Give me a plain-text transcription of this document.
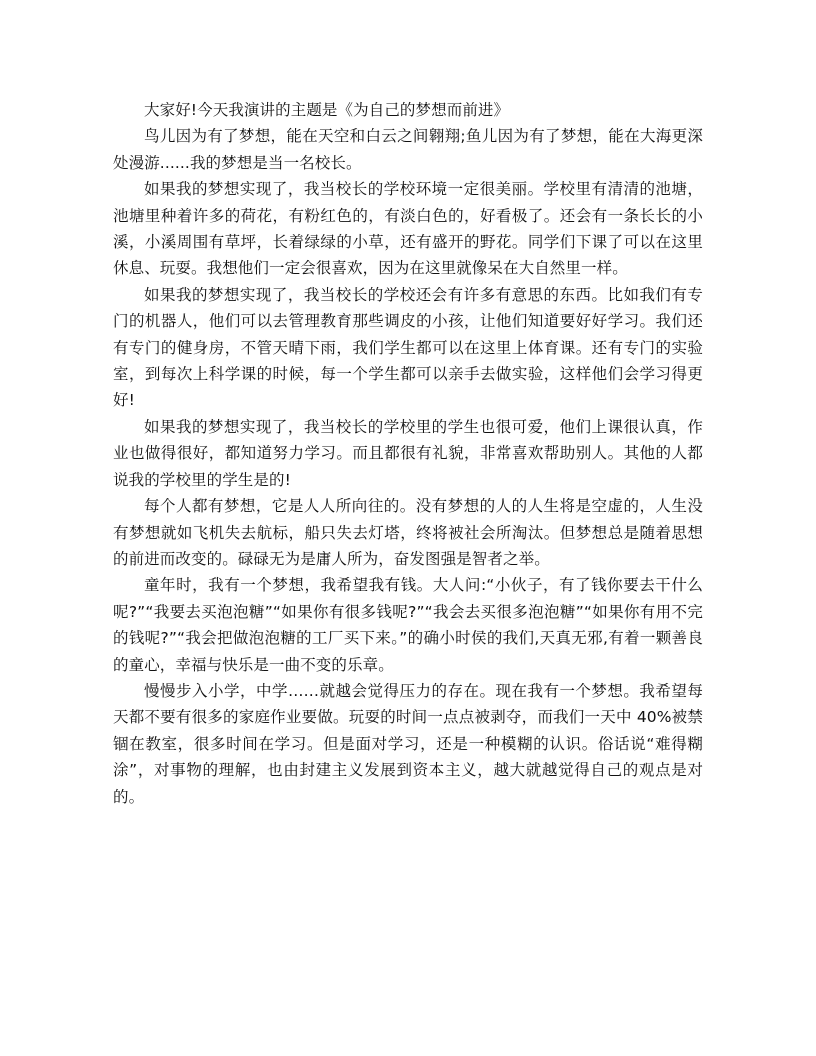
大家好!今天我演讲的主题是《为自己的梦想而前进》

鸟儿因为有了梦想，能在天空和白云之间翱翔;鱼儿因为有了梦想，能在大海更深处漫游......我的梦想是当一名校长。

如果我的梦想实现了，我当校长的学校环境一定很美丽。学校里有清清的池塘，池塘里种着许多的荷花，有粉红色的，有淡白色的，好看极了。还会有一条长长的小溪，小溪周围有草坪，长着绿绿的小草，还有盛开的野花。同学们下课了可以在这里休息、玩耍。我想他们一定会很喜欢，因为在这里就像呆在大自然里一样。

如果我的梦想实现了，我当校长的学校还会有许多有意思的东西。比如我们有专门的机器人，他们可以去管理教育那些调皮的小孩，让他们知道要好好学习。我们还有专门的健身房，不管天晴下雨，我们学生都可以在这里上体育课。还有专门的实验室，到每次上科学课的时候，每一个学生都可以亲手去做实验，这样他们会学习得更好!

如果我的梦想实现了，我当校长的学校里的学生也很可爱，他们上课很认真，作业也做得很好，都知道努力学习。而且都很有礼貌，非常喜欢帮助别人。其他的人都说我的学校里的学生是的!

每个人都有梦想，它是人人所向往的。没有梦想的人的人生将是空虚的，人生没有梦想就如飞机失去航标，船只失去灯塔，终将被社会所淘汰。但梦想总是随着思想的前进而改变的。碌碌无为是庸人所为，奋发图强是智者之举。

童年时，我有一个梦想，我希望我有钱。大人问:“小伙子，有了钱你要去干什么呢?”“我要去买泡泡糖”“如果你有很多钱呢?”“我会去买很多泡泡糖”“如果你有用不完的钱呢?”“我会把做泡泡糖的工厂买下来。”的确小时侯的我们,天真无邪,有着一颗善良的童心，幸福与快乐是一曲不变的乐章。

慢慢步入小学，中学……就越会觉得压力的存在。现在我有一个梦想。我希望每天都不要有很多的家庭作业要做。玩耍的时间一点点被剥夺，而我们一天中 40%被禁锢在教室，很多时间在学习。但是面对学习，还是一种模糊的认识。俗话说“难得糊涂”，对事物的理解，也由封建主义发展到资本主义，越大就越觉得自己的观点是对的。
